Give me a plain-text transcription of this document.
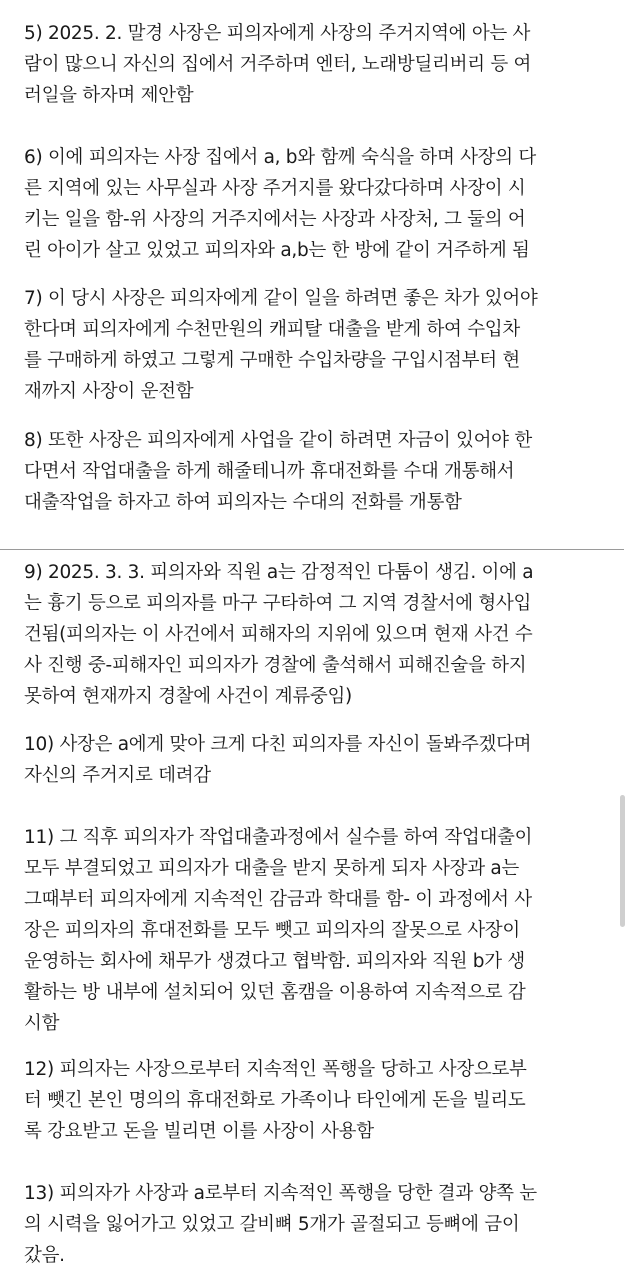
5) 2025. 2. 말경 사장은 피의자에게 사장의 주거지역에 아는 사
람이 많으니 자신의 집에서 거주하며 엔터, 노래방딜리버리 등 여
러일을 하자며 제안함

6) 이에 피의자는 사장 집에서 a, b와 함께 숙식을 하며 사장의 다
른 지역에 있는 사무실과 사장 주거지를 왔다갔다하며 사장이 시
키는 일을 함-위 사장의 거주지에서는 사장과 사장처, 그 둘의 어
린 아이가 살고 있었고 피의자와 a,b는 한 방에 같이 거주하게 됨

7) 이 당시 사장은 피의자에게 같이 일을 하려면 좋은 차가 있어야
한다며 피의자에게 수천만원의 캐피탈 대출을 받게 하여 수입차
를 구매하게 하였고 그렇게 구매한 수입차량을 구입시점부터 현
재까지 사장이 운전함

8) 또한 사장은 피의자에게 사업을 같이 하려면 자금이 있어야 한
다면서 작업대출을 하게 해줄테니까 휴대전화를 수대 개통해서
대출작업을 하자고 하여 피의자는 수대의 전화를 개통함

9) 2025. 3. 3. 피의자와 직원 a는 감정적인 다툼이 생김. 이에 a
는 흉기 등으로 피의자를 마구 구타하여 그 지역 경찰서에 형사입
건됨(피의자는 이 사건에서 피해자의 지위에 있으며 현재 사건 수
사 진행 중-피해자인 피의자가 경찰에 출석해서 피해진술을 하지
못하여 현재까지 경찰에 사건이 계류중임)

10) 사장은 a에게 맞아 크게 다친 피의자를 자신이 돌봐주겠다며
자신의 주거지로 데려감

11) 그 직후 피의자가 작업대출과정에서 실수를 하여 작업대출이
모두 부결되었고 피의자가 대출을 받지 못하게 되자 사장과 a는
그때부터 피의자에게 지속적인 감금과 학대를 함- 이 과정에서 사
장은 피의자의 휴대전화를 모두 뺏고 피의자의 잘못으로 사장이
운영하는 회사에 채무가 생겼다고 협박함. 피의자와 직원 b가 생
활하는 방 내부에 설치되어 있던 홈캠을 이용하여 지속적으로 감
시함

12) 피의자는 사장으로부터 지속적인 폭행을 당하고 사장으로부
터 뺏긴 본인 명의의 휴대전화로 가족이나 타인에게 돈을 빌리도
록 강요받고 돈을 빌리면 이를 사장이 사용함

13) 피의자가 사장과 a로부터 지속적인 폭행을 당한 결과 양쪽 눈
의 시력을 잃어가고 있었고 갈비뼈 5개가 골절되고 등뼈에 금이
갔음.
